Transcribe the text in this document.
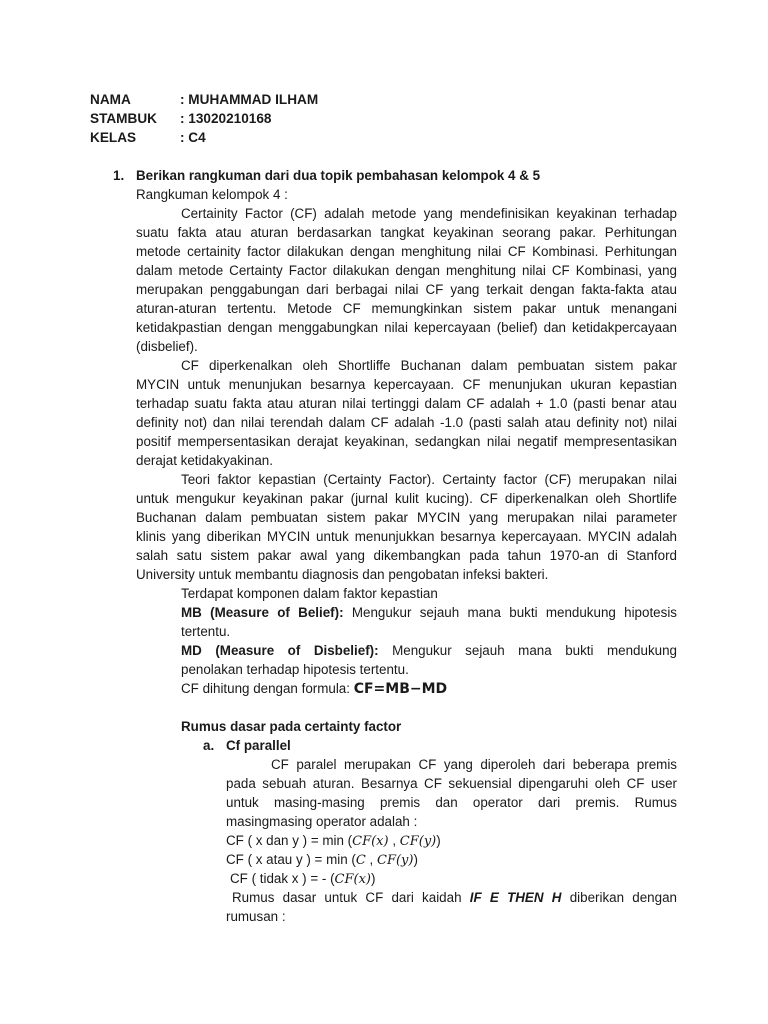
NAMA	: MUHAMMAD ILHAM
STAMBUK : 13020210168
KELAS	: C4
1. Berikan rangkuman dari dua topik pembahasan kelompok 4 & 5
Rangkuman kelompok 4 :
Certainity Factor (CF) adalah metode yang mendefinisikan keyakinan terhadap
suatu fakta atau aturan berdasarkan tangkat keyakinan seorang pakar. Perhitungan
metode certainity factor dilakukan dengan menghitung nilai CF Kombinasi. Perhitungan
dalam metode Certainty Factor dilakukan dengan menghitung nilai CF Kombinasi, yang
merupakan penggabungan dari berbagai nilai CF yang terkait dengan fakta-fakta atau
aturan-aturan tertentu. Metode CF memungkinkan sistem pakar untuk menangani
ketidakpastian dengan menggabungkan nilai kepercayaan (belief) dan ketidakpercayaan
(disbelief).
CF diperkenalkan oleh Shortliffe Buchanan dalam pembuatan sistem pakar
MYCIN untuk menunjukan besarnya kepercayaan. CF menunjukan ukuran kepastian
terhadap suatu fakta atau aturan nilai tertinggi dalam CF adalah + 1.0 (pasti benar atau
definity not) dan nilai terendah dalam CF adalah -1.0 (pasti salah atau definity not) nilai
positif mempersentasikan derajat keyakinan, sedangkan nilai negatif mempresentasikan
derajat ketidakyakinan.
Teori faktor kepastian (Certainty Factor). Certainty factor (CF) merupakan nilai
untuk mengukur keyakinan pakar (jurnal kulit kucing). CF diperkenalkan oleh Shortlife
Buchanan dalam pembuatan sistem pakar MYCIN yang merupakan nilai parameter
klinis yang diberikan MYCIN untuk menunjukkan besarnya kepercayaan. MYCIN adalah
salah satu sistem pakar awal yang dikembangkan pada tahun 1970-an di Stanford
University untuk membantu diagnosis dan pengobatan infeksi bakteri.
Terdapat komponen dalam faktor kepastian
MB (Measure of Belief): Mengukur sejauh mana bukti mendukung hipotesis
tertentu.
MD (Measure of Disbelief): Mengukur sejauh mana bukti mendukung
penolakan terhadap hipotesis tertentu.
CF dihitung dengan formula: CF=MB−MD
Rumus dasar pada certainty factor
a. Cf parallel
CF paralel merupakan CF yang diperoleh dari beberapa premis
pada sebuah aturan. Besarnya CF sekuensial dipengaruhi oleh CF user
untuk masing-masing premis dan operator dari premis. Rumus
masingmasing operator adalah :
CF ( x dan y ) = min (CF(x) , CF(y))
CF ( x atau y ) = min (C , CF(y))
CF ( tidak x ) = - (CF(x))
Rumus dasar untuk CF dari kaidah IF E THEN H diberikan dengan
rumusan :
